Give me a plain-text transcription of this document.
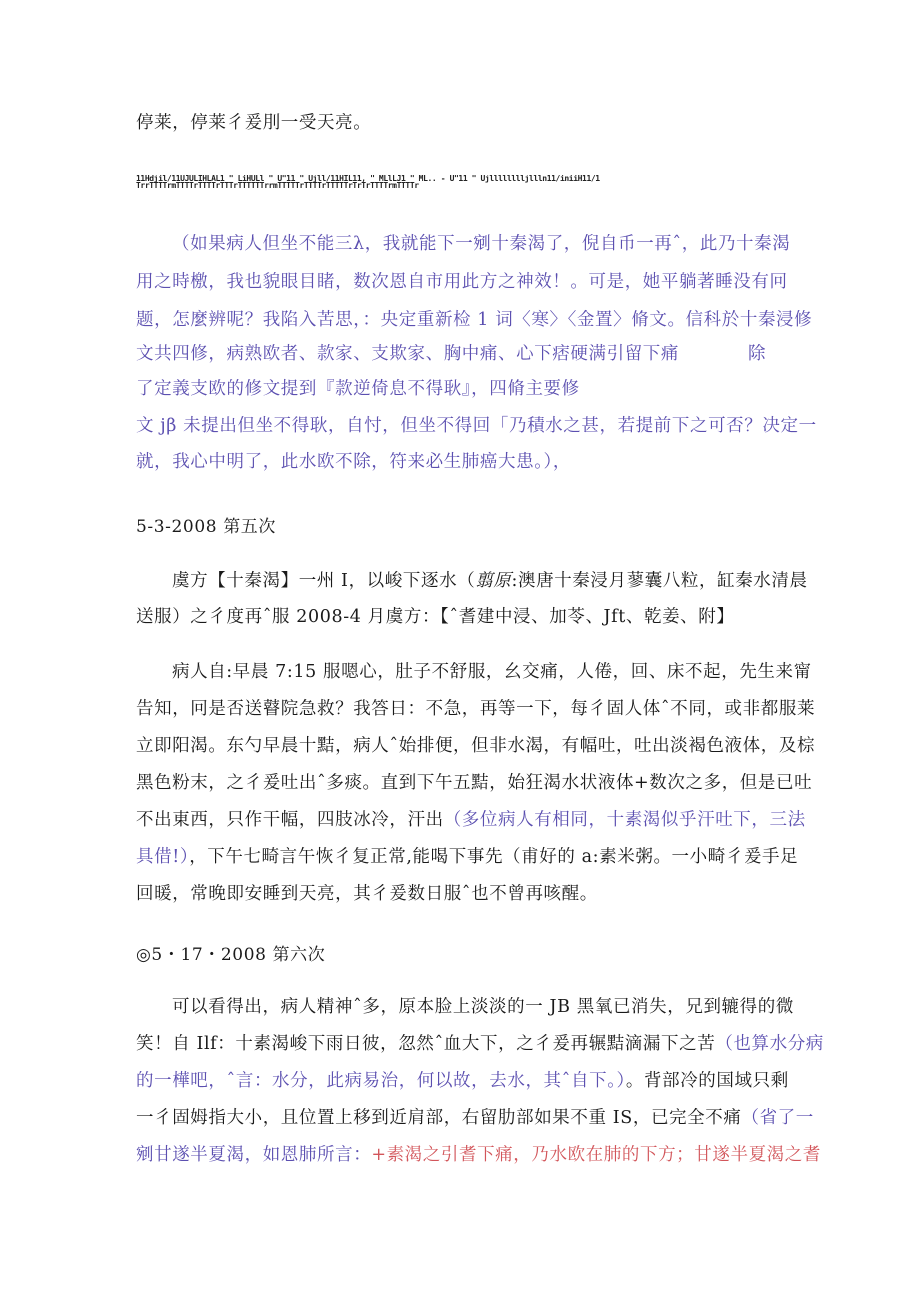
停莱，停莱彳爰刖一受天亮。
11Hdjil/11UJULIHLAL1 " LiHULl " U"11 " Ujll/11HIL11, " MLlLJ1 " ML.. - U"11 " Ujlllllllljllln11/iniiH11/1
TrrTTTTrmTTTTrTTTTrTTTrTTTTTTrrmTTTTTrTTTTrTTTTTrTrTrTTTTrmTTTTr
（如果病人但坐不能三λ，我就能下一剜十秦渴了，倪自币一再ˆ，此乃十秦渴
用之時檄，我也貌眼目睹，数次恩自市用此方之神效！。可是，她平躺著睡没有冋
题，怎麼辨呢？我陷入苦思，：央定重新检 1 词〈寒〉〈金置〉脩文。信科於十秦浸修
文共四修，病熟欧者、款家、支欺家、胸中痛、心下痞硬满引留下痛	除
了定義支欧的修文提到『款逆倚息不得耿』，四脩主要修
文 jβ 未提出但坐不得耿，自忖，但坐不得回「乃積水之甚，若提前下之可否？决定一
就，我心中明了，此水欧不除，符来必生肺癌大患。），
5-3-2008 第五次
虞方【十秦渴】一州 I，以峻下逐水（翦原:澳唐十秦浸月蓼囊八粒，缸秦水清晨
送服）之彳度再ˆ服 2008-4 月虞方：【ˆ耆建中浸、加苓、Jft、乾姜、附】
病人自:早晨 7:15 服嗯心，肚子不舒服，幺交痛，人倦，回、床不起，先生来甯
告知，冋是否送瞽院急救？我答日：不急，再等一下，每彳固人体ˆ不同，或非都服莱
立即阳渴。东勺早晨十黠，病人ˆ始排便，但非水渴，有幅吐，吐出淡褐色液体，及棕
黑色粉末，之彳爰吐出ˆ多痰。直到下午五黠，始狂渴水状液体+数次之多，但是已吐
不出東西，只作干幅，四肢冰冷，汗出（多位病人有相同，十素渴似乎汗吐下，三法
具借!），下午七畸言午恢彳复正常,能喝下事先（甫好的 a:素米粥。一小畸彳爰手足
回暖，常晚即安睡到天亮，其彳爰数日服ˆ也不曾再咳醒。
◎5・17・2008 第六次
可以看得出，病人精神ˆ多，原本脸上淡淡的一 JB 黑氧已消失，兄到辘得的微
笑！自 Ilf：十素渴峻下雨日彼，忽然ˆ血大下，之彳爰再辗黠滴漏下之苦（也算水分病
的一樺吧，ˆ言：水分，此病易治，何以故，去水，其ˆ自下。）。背部冷的国域只剩
一彳固姆指大小，且位置上移到近肩部，右留肋部如果不重 IS，已完全不痛（省了一
剜甘遂半夏渴，如恩肺所言：+素渴之引耆下痛，乃水欧在肺的下方；甘遂半夏渴之耆
